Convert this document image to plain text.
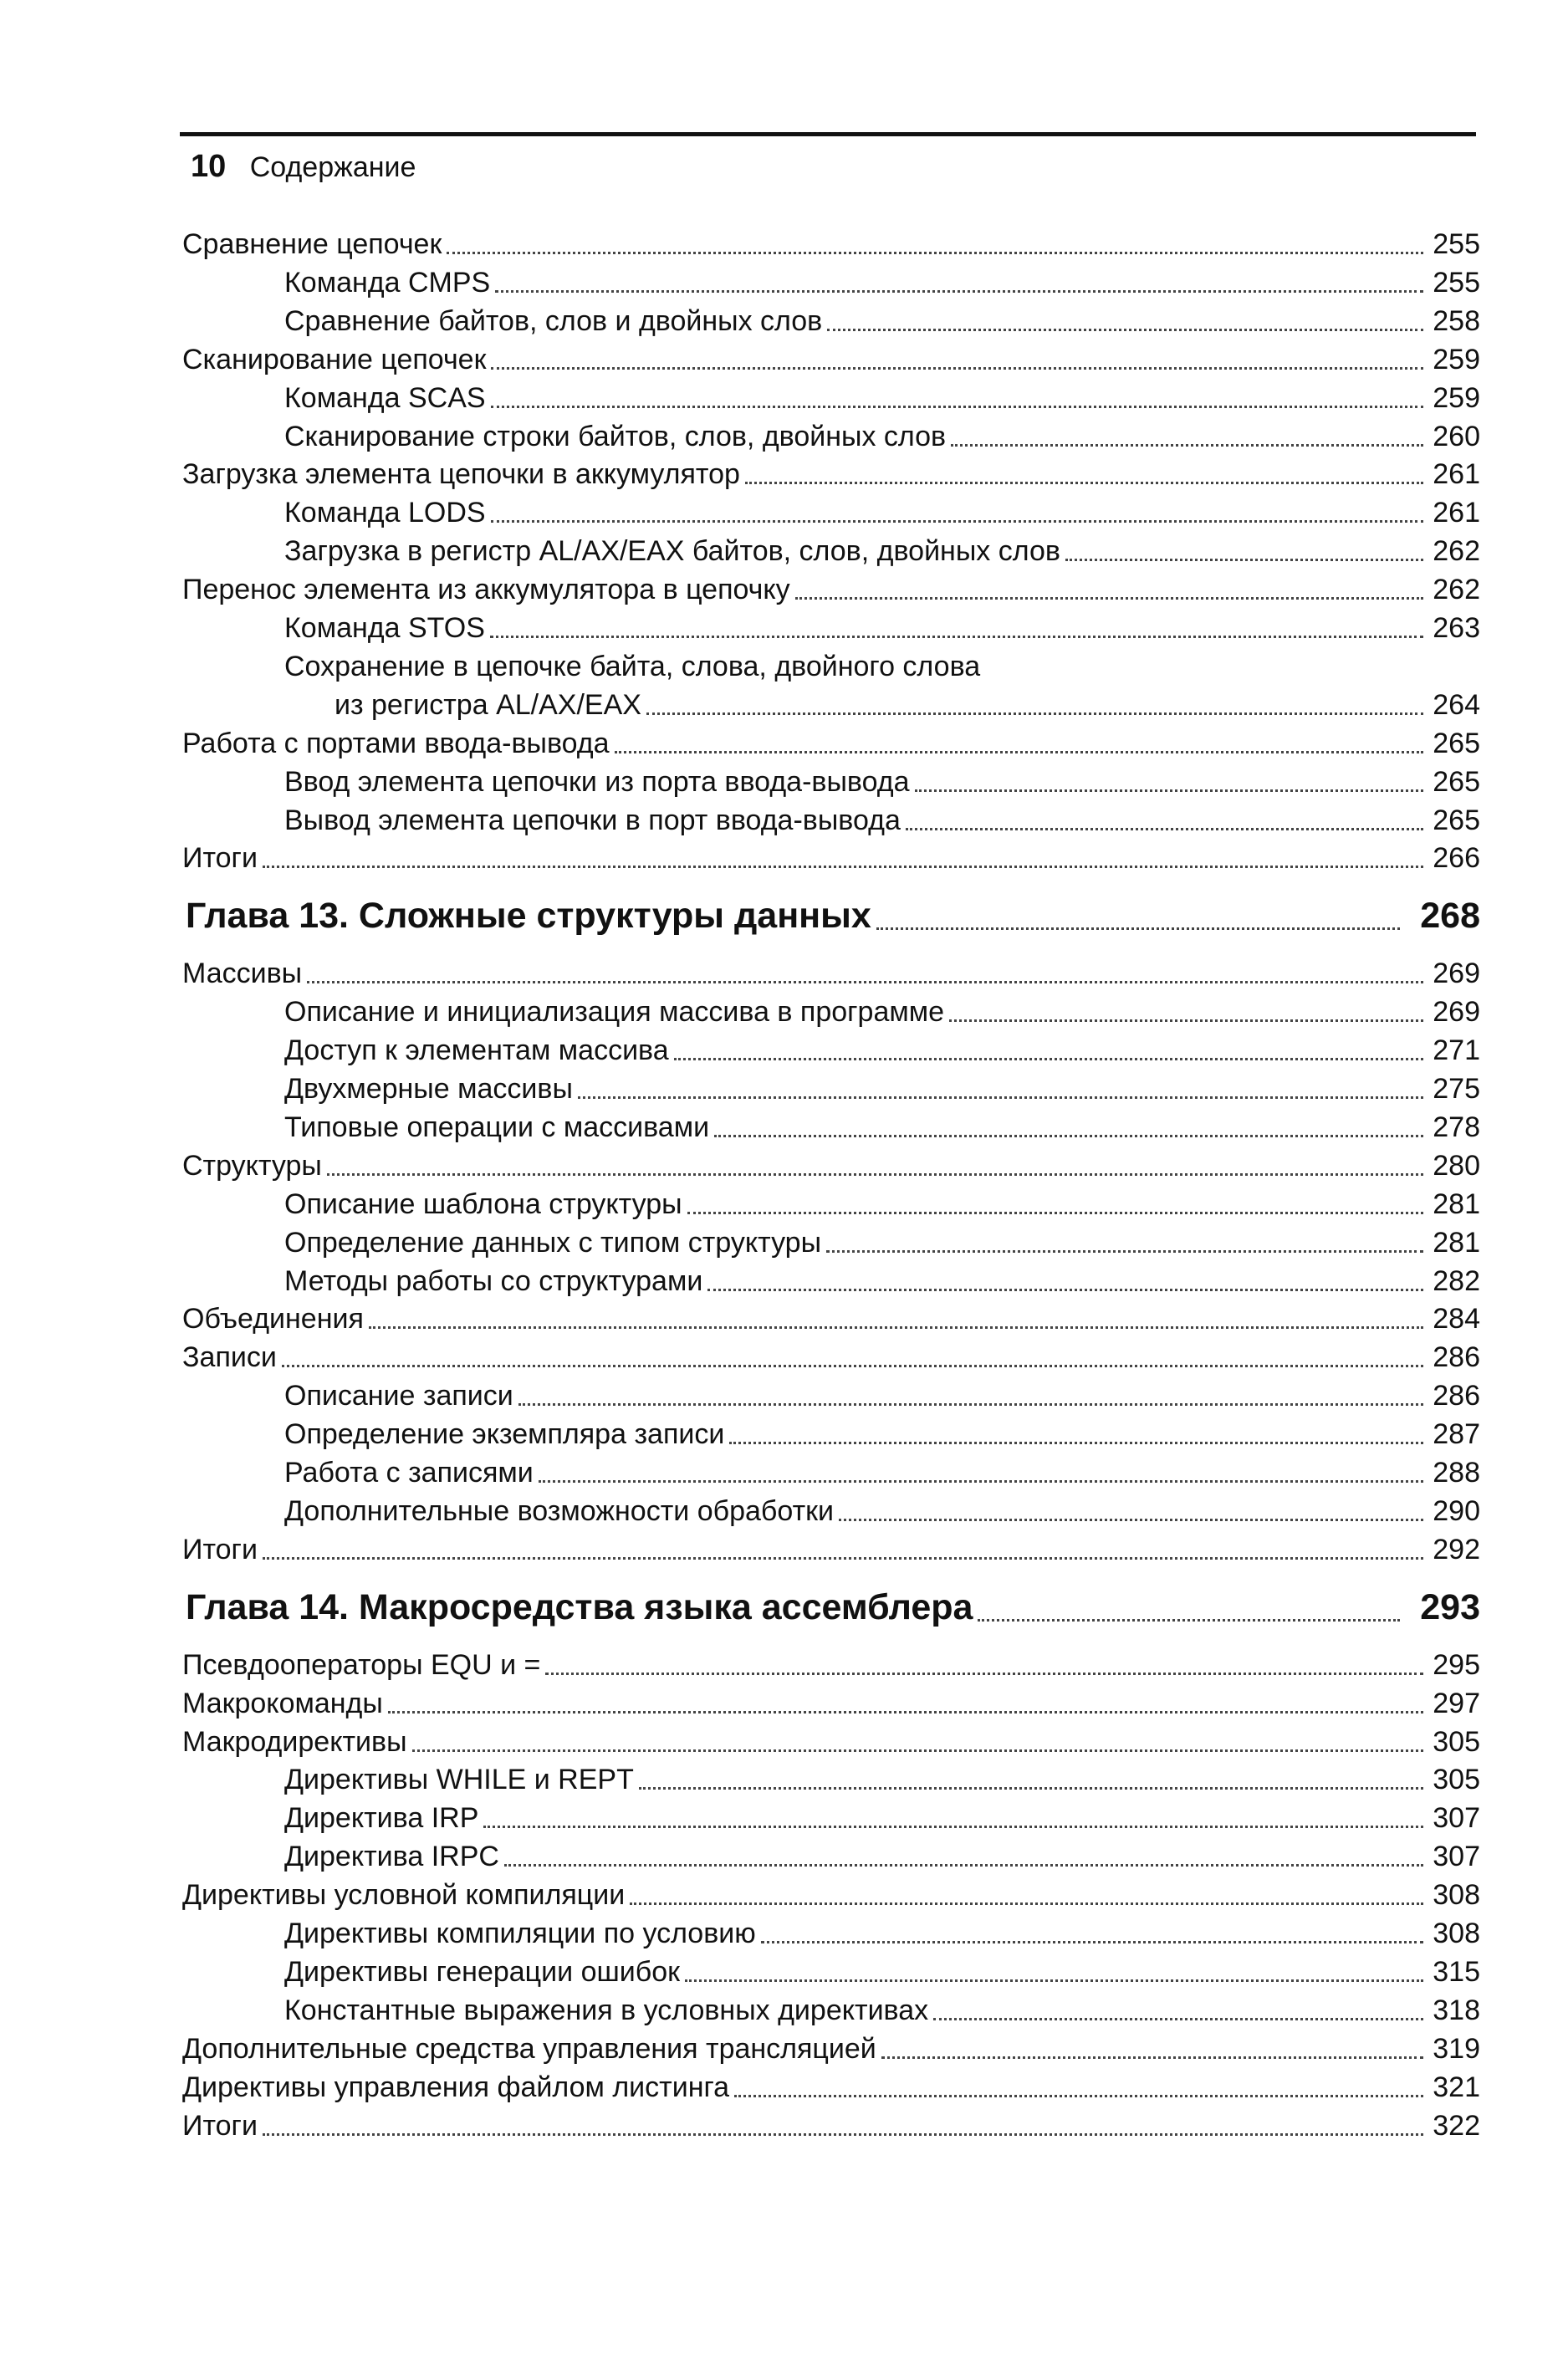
10 Содержание
Сравнение цепочек	255
Команда CMPS	255
Сравнение байтов, слов и двойных слов	258
Сканирование цепочек	259
Команда SCAS	259
Сканирование строки байтов, слов, двойных слов	260
Загрузка элемента цепочки в аккумулятор	261
Команда LODS	261
Загрузка в регистр AL/AX/EAX байтов, слов, двойных слов	262
Перенос элемента из аккумулятора в цепочку	262
Команда STOS	263
Сохранение в цепочке байта, слова, двойного слова
из регистра AL/AX/EAX	264
Работа с портами ввода-вывода	265
Ввод элемента цепочки из порта ввода-вывода	265
Вывод элемента цепочки в порт ввода-вывода	265
Итоги	266
Глава 13. Сложные структуры данных	268
Массивы	269
Описание и инициализация массива в программе	269
Доступ к элементам массива	271
Двухмерные массивы	275
Типовые операции с массивами	278
Структуры	280
Описание шаблона структуры	281
Определение данных с типом структуры	281
Методы работы со структурами	282
Объединения	284
Записи	286
Описание записи	286
Определение экземпляра записи	287
Работа с записями	288
Дополнительные возможности обработки	290
Итоги	292
Глава 14. Макросредства языка ассемблера	293
Псевдооператоры EQU и =	295
Макрокоманды	297
Макродирективы	305
Директивы WHILE и REPT	305
Директива IRP	307
Директива IRPC	307
Директивы условной компиляции	308
Директивы компиляции по условию	308
Директивы генерации ошибок	315
Константные выражения в условных директивах	318
Дополнительные средства управления трансляцией	319
Директивы управления файлом листинга	321
Итоги	322
